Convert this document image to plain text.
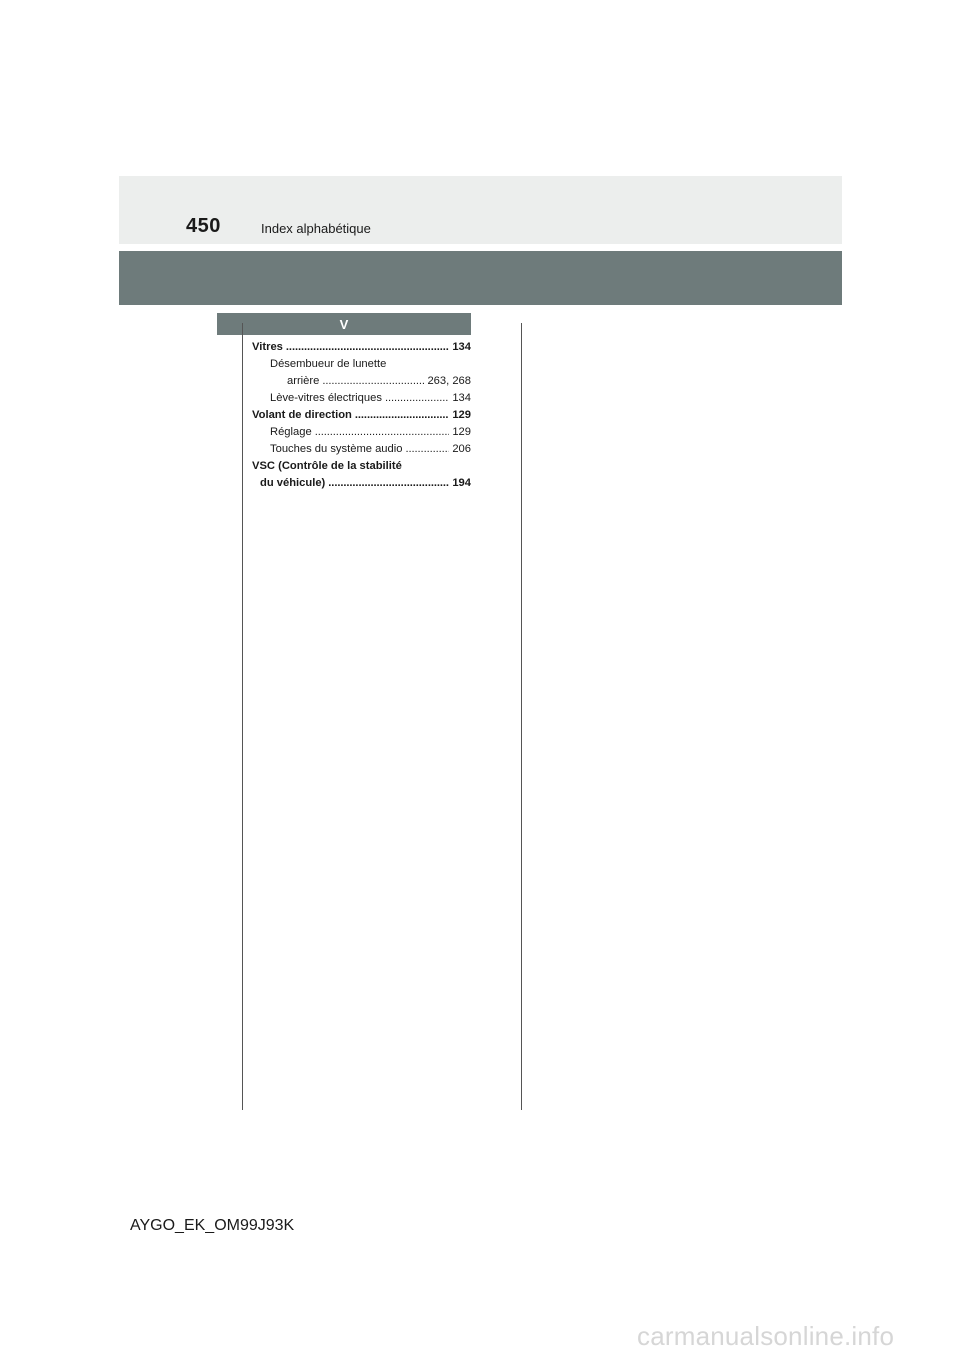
450	Index alphabétique
V
Vitres . . .	134
Désembueur de lunette
arrière . . .	263, 268
Lève-vitres électriques . . .	134
Volant de direction . . .	129
Réglage . . .	129
Touches du système audio . . .	206
VSC (Contrôle de la stabilité
du véhicule) . . .	194
AYGO_EK_OM99J93K
carmanualsonline.info
